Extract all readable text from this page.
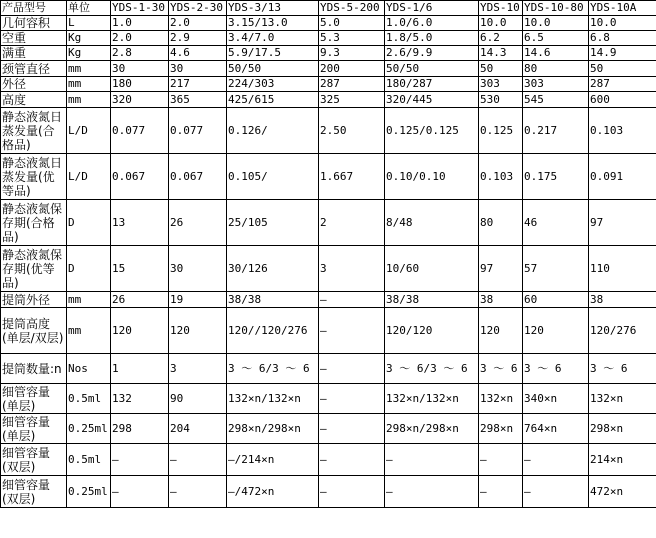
产品型号	单位	YDS-1-30	YDS-2-30	YDS-3/13	YDS-5-200	YDS-1/6	YDS-10	YDS-10-80	YDS-10A
几何容积	L	1.0	2.0	3.15/13.0	5.0	1.0/6.0	10.0	10.0	10.0
空重	Kg	2.0	2.9	3.4/7.0	5.3	1.8/5.0	6.2	6.5	6.8
满重	Kg	2.8	4.6	5.9/17.5	9.3	2.6/9.9	14.3	14.6	14.9
颈管直径	mm	30	30	50/50	200	50/50	50	80	50
外径	mm	180	217	224/303	287	180/287	303	303	287
高度	mm	320	365	425/615	325	320/445	530	545	600
静态液氮日蒸发量(合格品)	L/D	0.077	0.077	0.126/	2.50	0.125/0.125	0.125	0.217	0.103
静态液氮日蒸发量(优等品)	L/D	0.067	0.067	0.105/	1.667	0.10/0.10	0.103	0.175	0.091
静态液氮保存期(合格品)	D	13	26	25/105	2	8/48	80	46	97
静态液氮保存期(优等品)	D	15	30	30/126	3	10/60	97	57	110
提筒外径	mm	26	19	38/38	—	38/38	38	60	38
提筒高度(单层/双层)	mm	120	120	120//120/276	—	120/120	120	120	120/276
提筒数量:n	Nos	1	3	3 ～ 6/3 ～ 6	—	3 ～ 6/3 ～ 6	3 ～ 6	3 ～ 6	3 ～ 6
细管容量(单层)	0.5ml	132	90	132×n/132×n	—	132×n/132×n	132×n	340×n	132×n
细管容量(单层)	0.25ml	298	204	298×n/298×n	—	298×n/298×n	298×n	764×n	298×n
细管容量(双层)	0.5ml	—	—	—/214×n	—	—	—	—	214×n
细管容量(双层)	0.25ml	—	—	—/472×n	—	—	—	—	472×n
